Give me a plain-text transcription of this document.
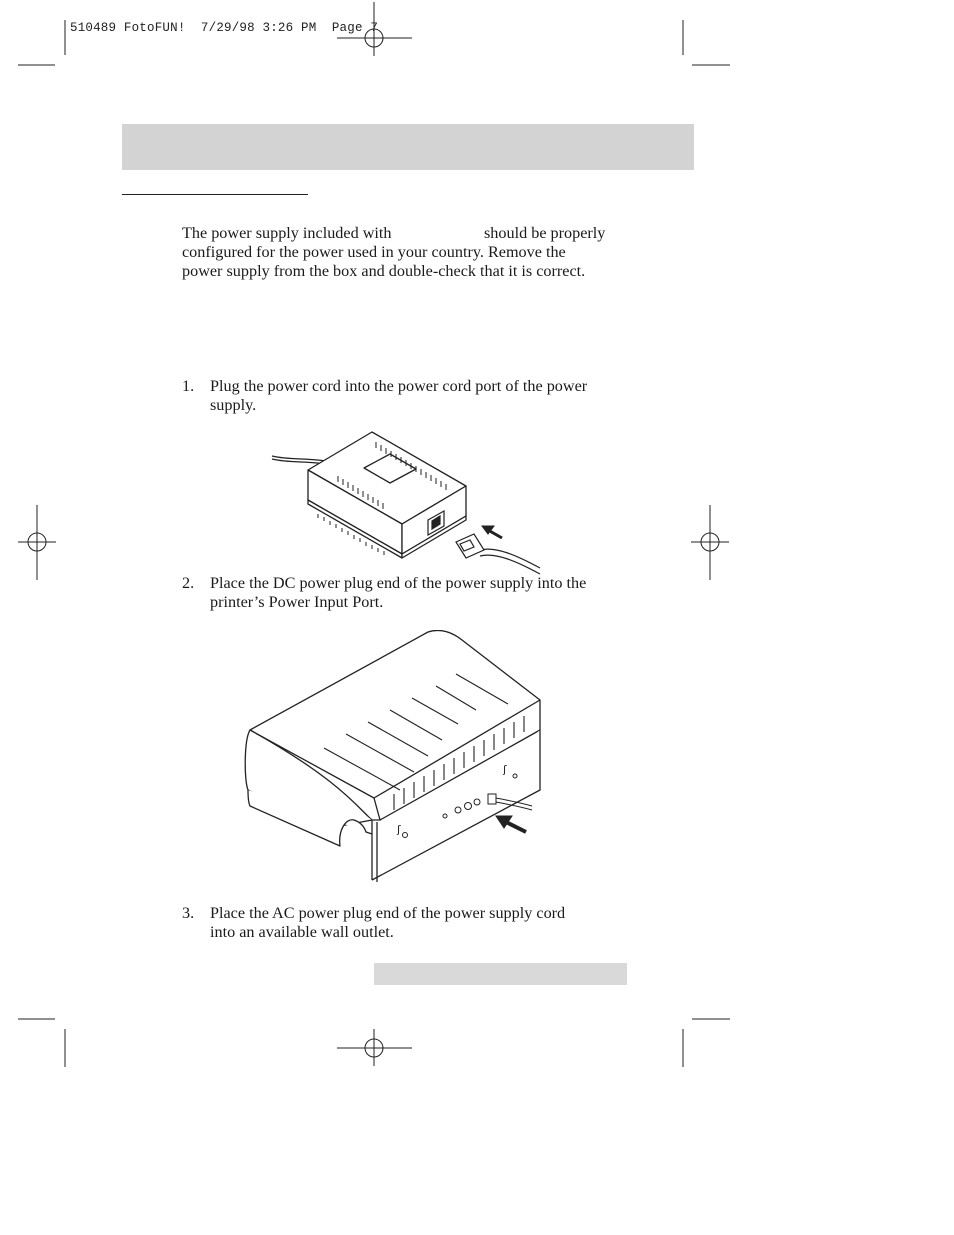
510489 FotoFUN!  7/29/98 3:26 PM  Page 7
The power supply included with	should be properly
configured for the power used in your country. Remove the
power supply from the box and double-check that it is correct.
1. Plug the power cord into the power cord port of the power
supply.
2. Place the DC power plug end of the power supply into the
printer’s Power Input Port.
ʃ
ʃ
3. Place the AC power plug end of the power supply cord
into an available wall outlet.
